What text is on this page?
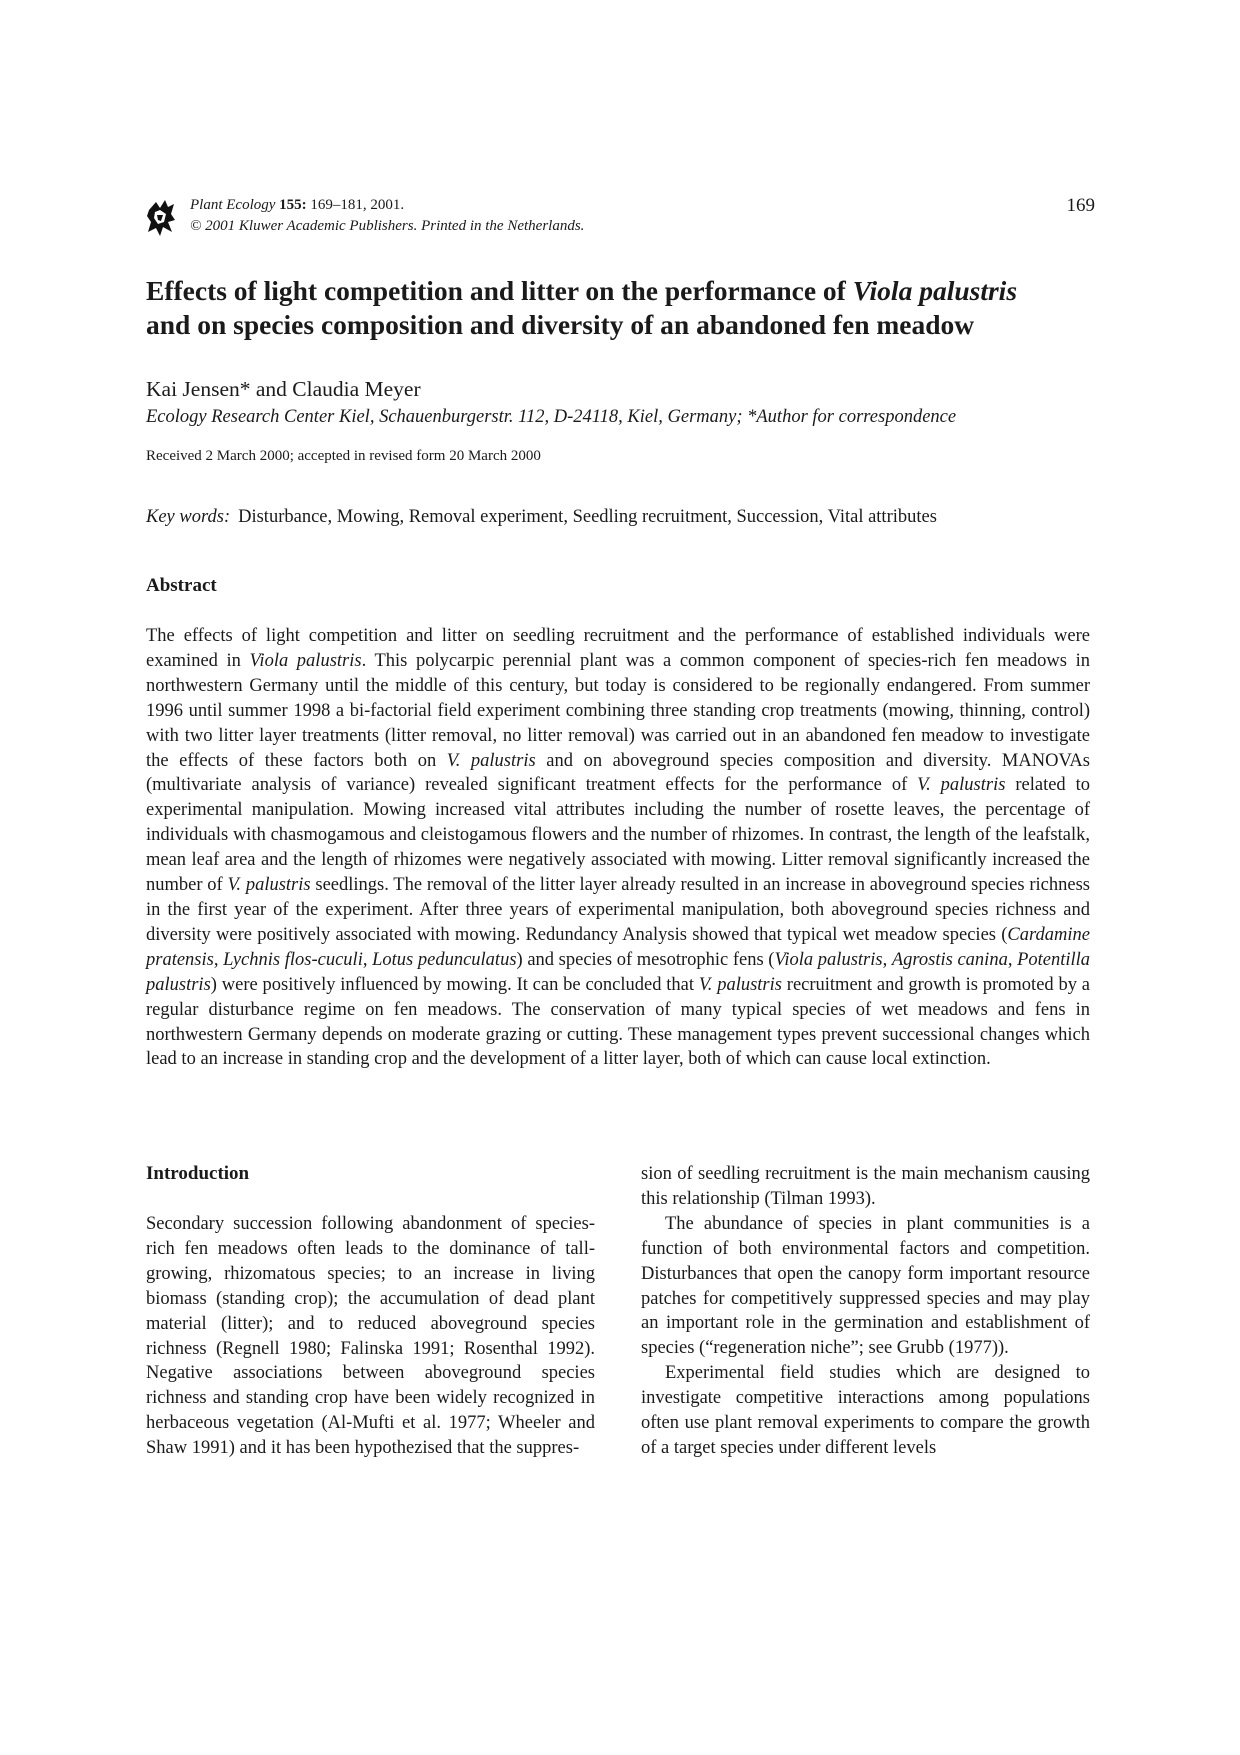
Plant Ecology 155: 169–181, 2001.
© 2001 Kluwer Academic Publishers. Printed in the Netherlands.
169
Effects of light competition and litter on the performance of Viola palustris
and on species composition and diversity of an abandoned fen meadow
Kai Jensen* and Claudia Meyer
Ecology Research Center Kiel, Schauenburgerstr. 112, D-24118, Kiel, Germany; *Author for correspondence
Received 2 March 2000; accepted in revised form 20 March 2000
Key words: Disturbance, Mowing, Removal experiment, Seedling recruitment, Succession, Vital attributes
Abstract

The effects of light competition and litter on seedling recruitment and the performance of established individuals were examined in Viola palustris. This polycarpic perennial plant was a common component of species-rich fen meadows in northwestern Germany until the middle of this century, but today is considered to be regionally endangered. From summer 1996 until summer 1998 a bi-factorial field experiment combining three standing crop treatments (mowing, thinning, control) with two litter layer treatments (litter removal, no litter removal) was carried out in an abandoned fen meadow to investigate the effects of these factors both on V. palustris and on aboveground species composition and diversity. MANOVAs (multivariate analysis of variance) revealed significant treatment effects for the performance of V. palustris related to experimental manipulation. Mowing increased vital attributes including the number of rosette leaves, the percentage of individuals with chasmogamous and cleistogamous flowers and the number of rhizomes. In contrast, the length of the leafstalk, mean leaf area and the length of rhizomes were negatively associated with mowing. Litter removal significantly increased the number of V. palustris seedlings. The removal of the litter layer already resulted in an increase in aboveground species richness in the first year of the experiment. After three years of experimental manipulation, both aboveground species richness and diversity were positively associated with mowing. Redundancy Analysis showed that typical wet meadow species (Cardamine pratensis, Lychnis flos-cuculi, Lotus pedunculatus) and species of mesotrophic fens (Viola palustris, Agrostis canina, Potentilla palustris) were positively influenced by mowing. It can be concluded that V. palustris recruitment and growth is promoted by a regular disturbance regime on fen meadows. The conservation of many typical species of wet meadows and fens in northwestern Germany depends on moderate grazing or cutting. These management types prevent successional changes which lead to an increase in standing crop and the development of a litter layer, both of which can cause local extinction.

Introduction

Secondary succession following abandonment of species-rich fen meadows often leads to the dominance of tall-growing, rhizomatous species; to an increase in living biomass (standing crop); the accumulation of dead plant material (litter); and to reduced aboveground species richness (Regnell 1980; Falinska 1991; Rosenthal 1992). Negative associations between aboveground species richness and standing crop have been widely recognized in herbaceous vegetation (Al-Mufti et al. 1977; Wheeler and Shaw 1991) and it has been hypothezised that the suppres-

sion of seedling recruitment is the main mechanism causing this relationship (Tilman 1993).

The abundance of species in plant communities is a function of both environmental factors and competition. Disturbances that open the canopy form important resource patches for competitively suppressed species and may play an important role in the germination and establishment of species (“regeneration niche”; see Grubb (1977)).

Experimental field studies which are designed to investigate competitive interactions among populations often use plant removal experiments to compare the growth of a target species under different levels
